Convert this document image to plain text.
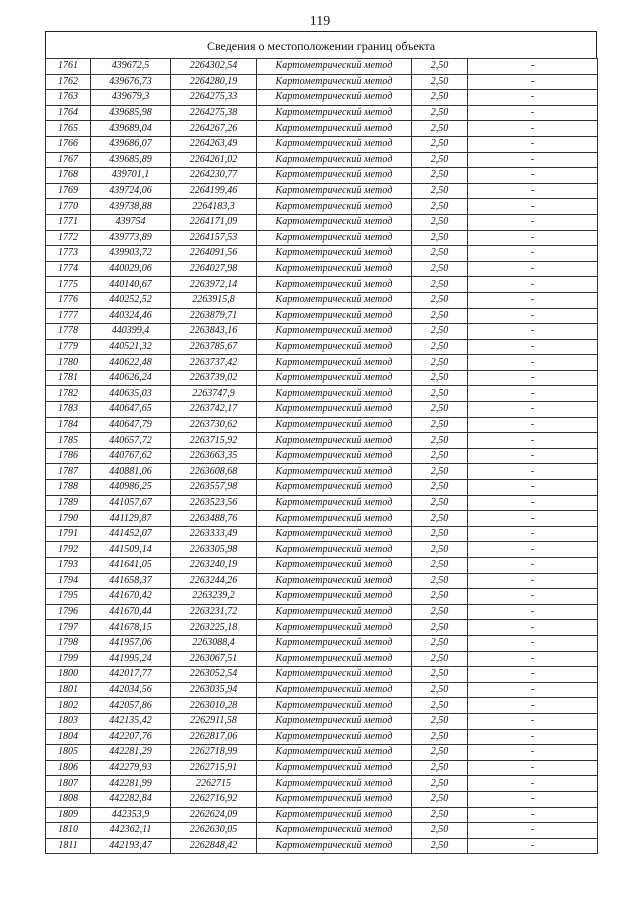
119
Сведения о местоположении границ объекта
1761	439672,5	2264302,54	Картометрический метод	2,50	-
1762	439676,73	2264280,19	Картометрический метод	2,50	-
1763	439679,3	2264275,33	Картометрический метод	2,50	-
1764	439685,98	2264275,38	Картометрический метод	2,50	-
1765	439689,04	2264267,26	Картометрический метод	2,50	-
1766	439686,07	2264263,49	Картометрический метод	2,50	-
1767	439685,89	2264261,02	Картометрический метод	2,50	-
1768	439701,1	2264230,77	Картометрический метод	2,50	-
1769	439724,06	2264199,46	Картометрический метод	2,50	-
1770	439738,88	2264183,3	Картометрический метод	2,50	-
1771	439754	2264171,09	Картометрический метод	2,50	-
1772	439773,89	2264157,53	Картометрический метод	2,50	-
1773	439903,72	2264091,56	Картометрический метод	2,50	-
1774	440029,06	2264027,98	Картометрический метод	2,50	-
1775	440140,67	2263972,14	Картометрический метод	2,50	-
1776	440252,52	2263915,8	Картометрический метод	2,50	-
1777	440324,46	2263879,71	Картометрический метод	2,50	-
1778	440399,4	2263843,16	Картометрический метод	2,50	-
1779	440521,32	2263785,67	Картометрический метод	2,50	-
1780	440622,48	2263737,42	Картометрический метод	2,50	-
1781	440626,24	2263739,02	Картометрический метод	2,50	-
1782	440635,03	2263747,9	Картометрический метод	2,50	-
1783	440647,65	2263742,17	Картометрический метод	2,50	-
1784	440647,79	2263730,62	Картометрический метод	2,50	-
1785	440657,72	2263715,92	Картометрический метод	2,50	-
1786	440767,62	2263663,35	Картометрический метод	2,50	-
1787	440881,06	2263608,68	Картометрический метод	2,50	-
1788	440986,25	2263557,98	Картометрический метод	2,50	-
1789	441057,67	2263523,56	Картометрический метод	2,50	-
1790	441129,87	2263488,76	Картометрический метод	2,50	-
1791	441452,07	2263333,49	Картометрический метод	2,50	-
1792	441509,14	2263305,98	Картометрический метод	2,50	-
1793	441641,05	2263240,19	Картометрический метод	2,50	-
1794	441658,37	2263244,26	Картометрический метод	2,50	-
1795	441670,42	2263239,2	Картометрический метод	2,50	-
1796	441670,44	2263231,72	Картометрический метод	2,50	-
1797	441678,15	2263225,18	Картометрический метод	2,50	-
1798	441957,06	2263088,4	Картометрический метод	2,50	-
1799	441995,24	2263067,51	Картометрический метод	2,50	-
1800	442017,77	2263052,54	Картометрический метод	2,50	-
1801	442034,56	2263035,94	Картометрический метод	2,50	-
1802	442057,86	2263010,28	Картометрический метод	2,50	-
1803	442135,42	2262911,58	Картометрический метод	2,50	-
1804	442207,76	2262817,06	Картометрический метод	2,50	-
1805	442281,29	2262718,99	Картометрический метод	2,50	-
1806	442279,93	2262715,91	Картометрический метод	2,50	-
1807	442281,99	2262715	Картометрический метод	2,50	-
1808	442282,84	2262716,92	Картометрический метод	2,50	-
1809	442353,9	2262624,09	Картометрический метод	2,50	-
1810	442362,11	2262630,05	Картометрический метод	2,50	-
1811	442193,47	2262848,42	Картометрический метод	2,50	-
